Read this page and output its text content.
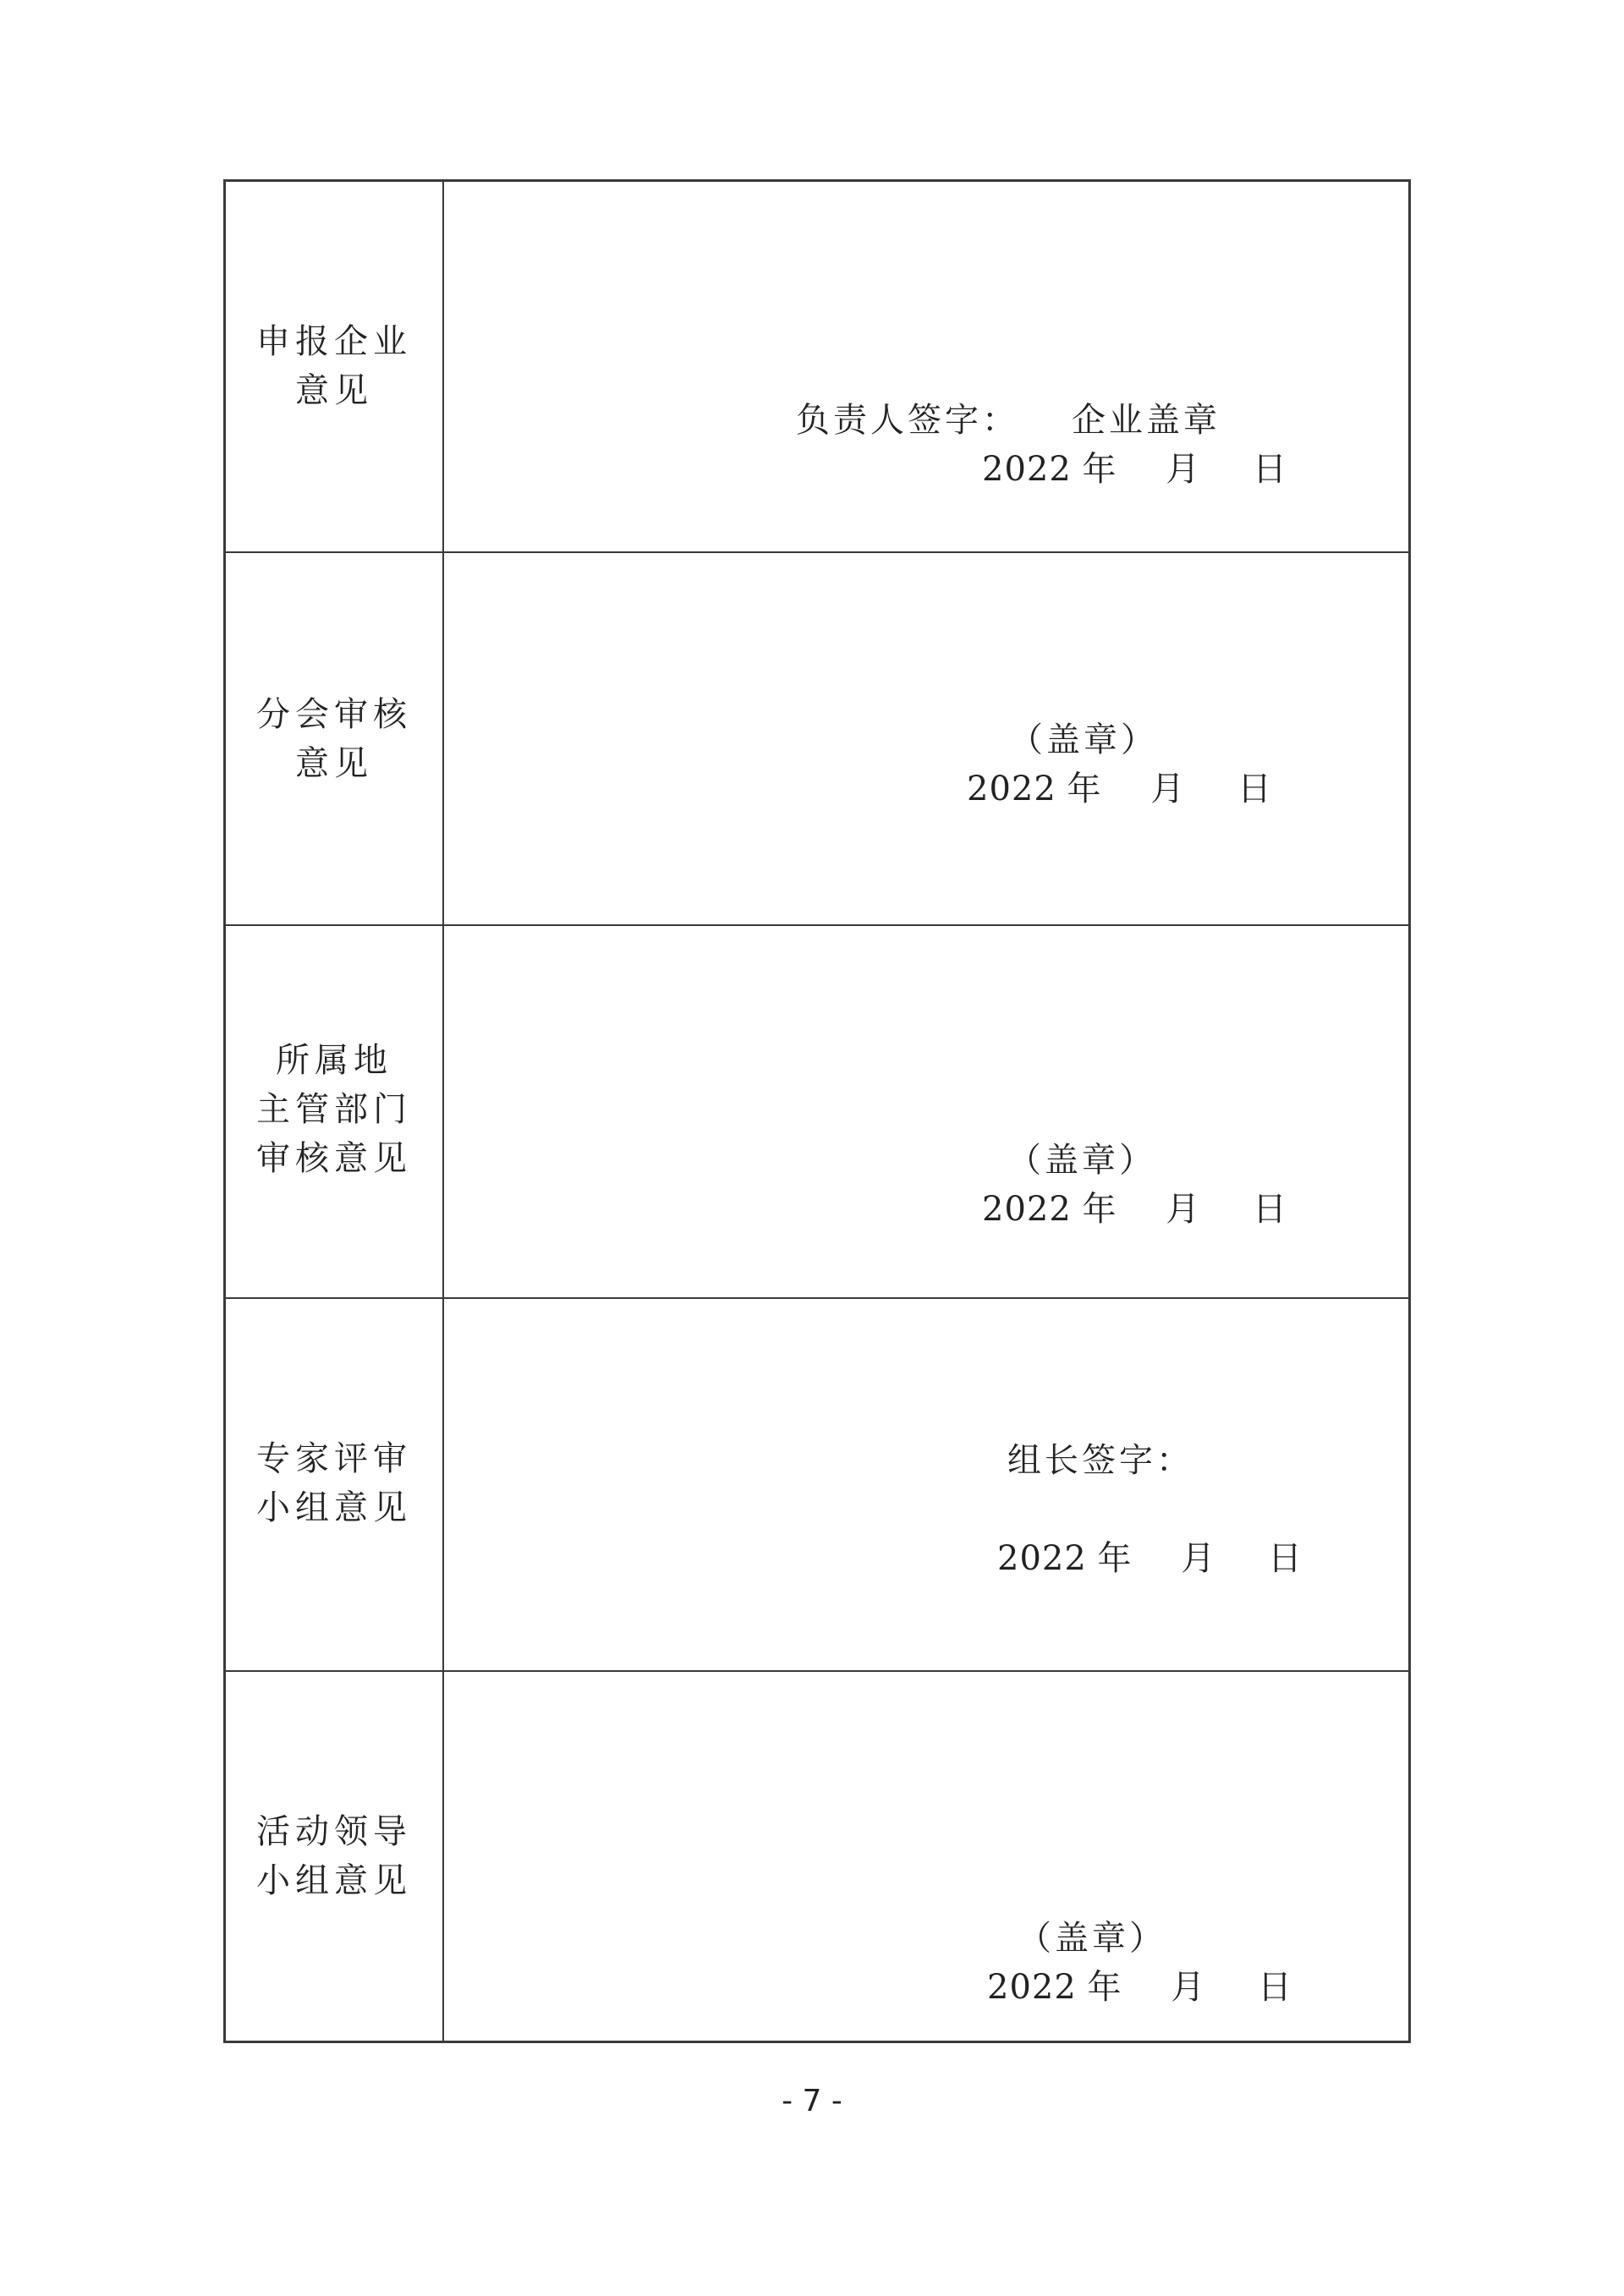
申报企业
意见
负责人签字： 企业盖章
2022 年 月 日
分会审核
意见
（盖章）
2022 年 月 日
所属地
主管部门
审核意见	（盖章）
2022 年 月 日
专家评审
小组意见
组长签字：
2022 年 月 日
活动领导
小组意见
（盖章）
2022 年 月 日
- 7 -
